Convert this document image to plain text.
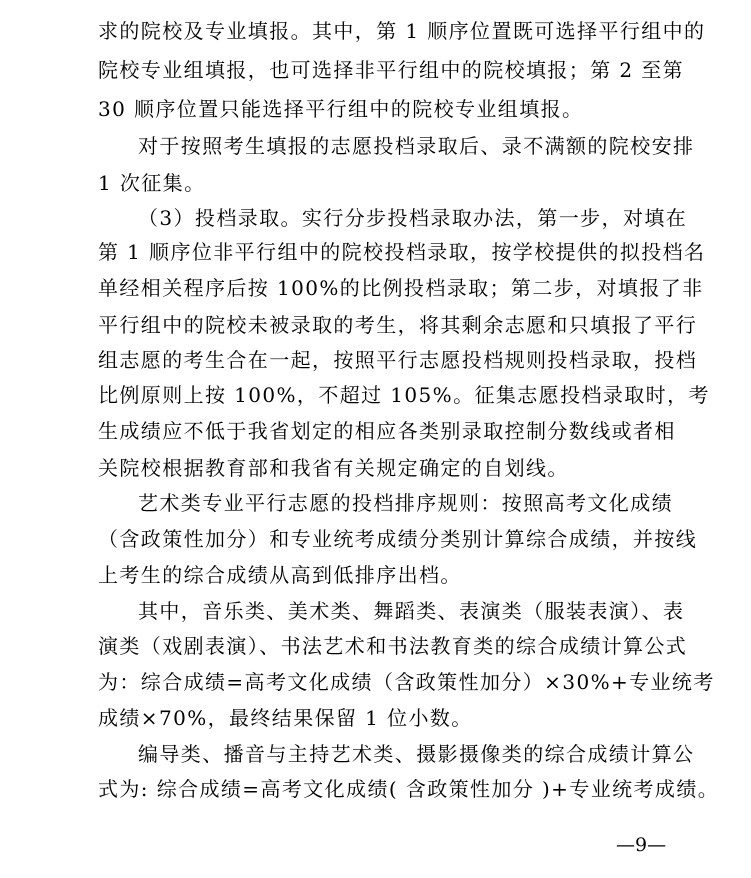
求的院校及专业填报。其中，第 1 顺序位置既可选择平行组中的
院校专业组填报，也可选择非平行组中的院校填报；第 2 至第
30 顺序位置只能选择平行组中的院校专业组填报。
对于按照考生填报的志愿投档录取后、录不满额的院校安排
1 次征集。
（3）投档录取。实行分步投档录取办法，第一步，对填在
第 1 顺序位非平行组中的院校投档录取，按学校提供的拟投档名
单经相关程序后按 100%的比例投档录取；第二步，对填报了非
平行组中的院校未被录取的考生，将其剩余志愿和只填报了平行
组志愿的考生合在一起，按照平行志愿投档规则投档录取，投档
比例原则上按 100%，不超过 105%。征集志愿投档录取时，考
生成绩应不低于我省划定的相应各类别录取控制分数线或者相
关院校根据教育部和我省有关规定确定的自划线。
艺术类专业平行志愿的投档排序规则：按照高考文化成绩
（含政策性加分）和专业统考成绩分类别计算综合成绩，并按线
上考生的综合成绩从高到低排序出档。
其中，音乐类、美术类、舞蹈类、表演类（服装表演）、表
演类（戏剧表演）、书法艺术和书法教育类的综合成绩计算公式
为：综合成绩=高考文化成绩（含政策性加分）×30%+专业统考
成绩×70%，最终结果保留 1 位小数。
编导类、播音与主持艺术类、摄影摄像类的综合成绩计算公
式为: 综合成绩=高考文化成绩( 含政策性加分 )+专业统考成绩。
—9—
